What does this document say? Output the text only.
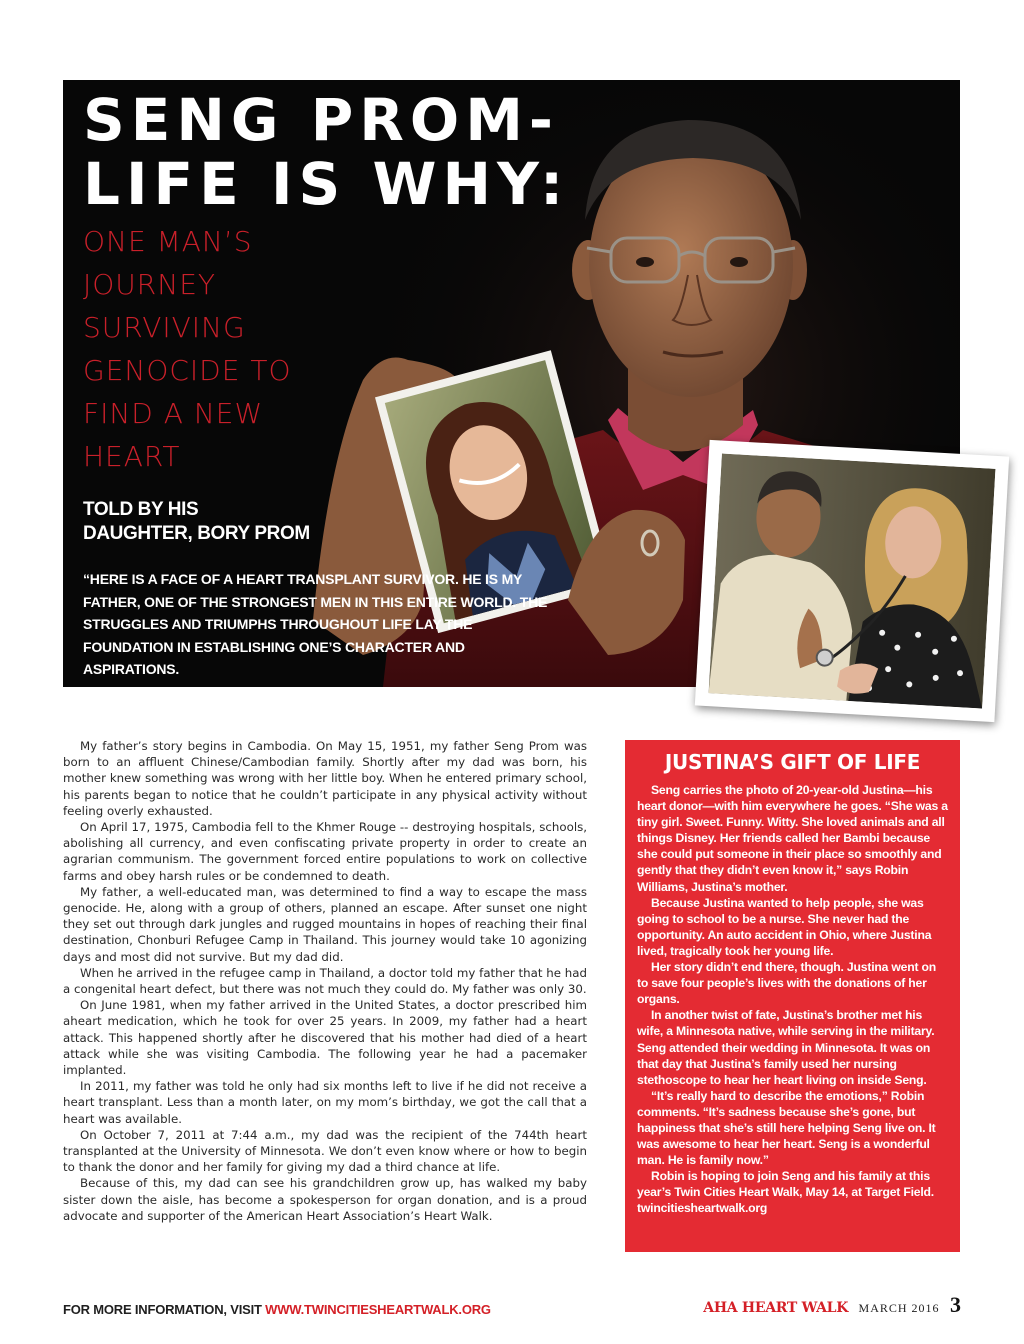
SENG PROM-
LIFE IS WHY:
ONE MAN’S JOURNEY SURVIVING GENOCIDE TO FIND A NEW HEART
TOLD BY HIS
DAUGHTER, BORY PROM
“HERE IS A FACE OF A HEART TRANSPLANT SURVIVOR. HE IS MY FATHER, ONE OF THE STRONGEST MEN IN THIS ENTIRE WORLD. THE STRUGGLES AND TRIUMPHS THROUGHOUT LIFE LAY THE FOUNDATION IN ESTABLISHING ONE’S CHARACTER AND ASPIRATIONS.

My father’s story begins in Cambodia. On May 15, 1951, my father Seng Prom was born to an affluent Chinese/Cambodian family. Shortly after my dad was born, his mother knew something was wrong with her little boy. When he entered primary school, his parents began to notice that he couldn’t participate in any physical activity without feeling overly exhausted.

On April 17, 1975, Cambodia fell to the Khmer Rouge -- destroying hospitals, schools, abolishing all currency, and even confiscating private property in order to create an agrarian communism. The government forced entire populations to work on collective farms and obey harsh rules or be condemned to death.

My father, a well-educated man, was determined to find a way to escape the mass genocide. He, along with a group of others, planned an escape. After sunset one night they set out through dark jungles and rugged mountains in hopes of reaching their final destination, Chonburi Refugee Camp in Thailand. This journey would take 10 agonizing days and most did not survive. But my dad did.

When he arrived in the refugee camp in Thailand, a doctor told my father that he had a congenital heart defect, but there was not much they could do. My father was only 30.

On June 1981, when my father arrived in the United States, a doctor prescribed him aheart medication, which he took for over 25 years. In 2009, my father had a heart attack. This happened shortly after he discovered that his mother had died of a heart attack while she was visiting Cambodia. The following year he had a pacemaker implanted.

In 2011, my father was told he only had six months left to live if he did not receive a heart transplant. Less than a month later, on my mom’s birthday, we got the call that a heart was available.

On October 7, 2011 at 7:44 a.m., my dad was the recipient of the 744th heart transplanted at the University of Minnesota. We don’t even know where or how to begin to thank the donor and her family for giving my dad a third chance at life.

Because of this, my dad can see his grandchildren grow up, has walked my baby sister down the aisle, has become a spokesperson for organ donation, and is a proud advocate and supporter of the American Heart Association’s Heart Walk.

JUSTINA’S GIFT OF LIFE

Seng carries the photo of 20-year-old Justina—his heart donor—with him everywhere he goes. “She was a tiny girl. Sweet. Funny. Witty. She loved animals and all things Disney. Her friends called her Bambi because she could put someone in their place so smoothly and gently that they didn’t even know it,” says Robin Williams, Justina’s mother.

Because Justina wanted to help people, she was going to school to be a nurse. She never had the opportunity. An auto accident in Ohio, where Justina lived, tragically took her young life.

Her story didn’t end there, though. Justina went on to save four people’s lives with the donations of her organs.

In another twist of fate, Justina’s brother met his wife, a Minnesota native, while serving in the military. Seng attended their wedding in Minnesota. It was on that day that Justina’s family used her nursing stethoscope to hear her heart living on inside Seng.

“It’s really hard to describe the emotions,” Robin comments. “It’s sadness because she’s gone, but happiness that she’s still here helping Seng live on. It was awesome to hear her heart. Seng is a wonderful man. He is family now.”

Robin is hoping to join Seng and his family at this year’s Twin Cities Heart Walk, May 14, at Target Field. twincitiesheartwalk.org

FOR MORE INFORMATION, VISIT WWW.TWINCITIESHEARTWALK.ORG	AHA HEART WALK MARCH 2016 3
